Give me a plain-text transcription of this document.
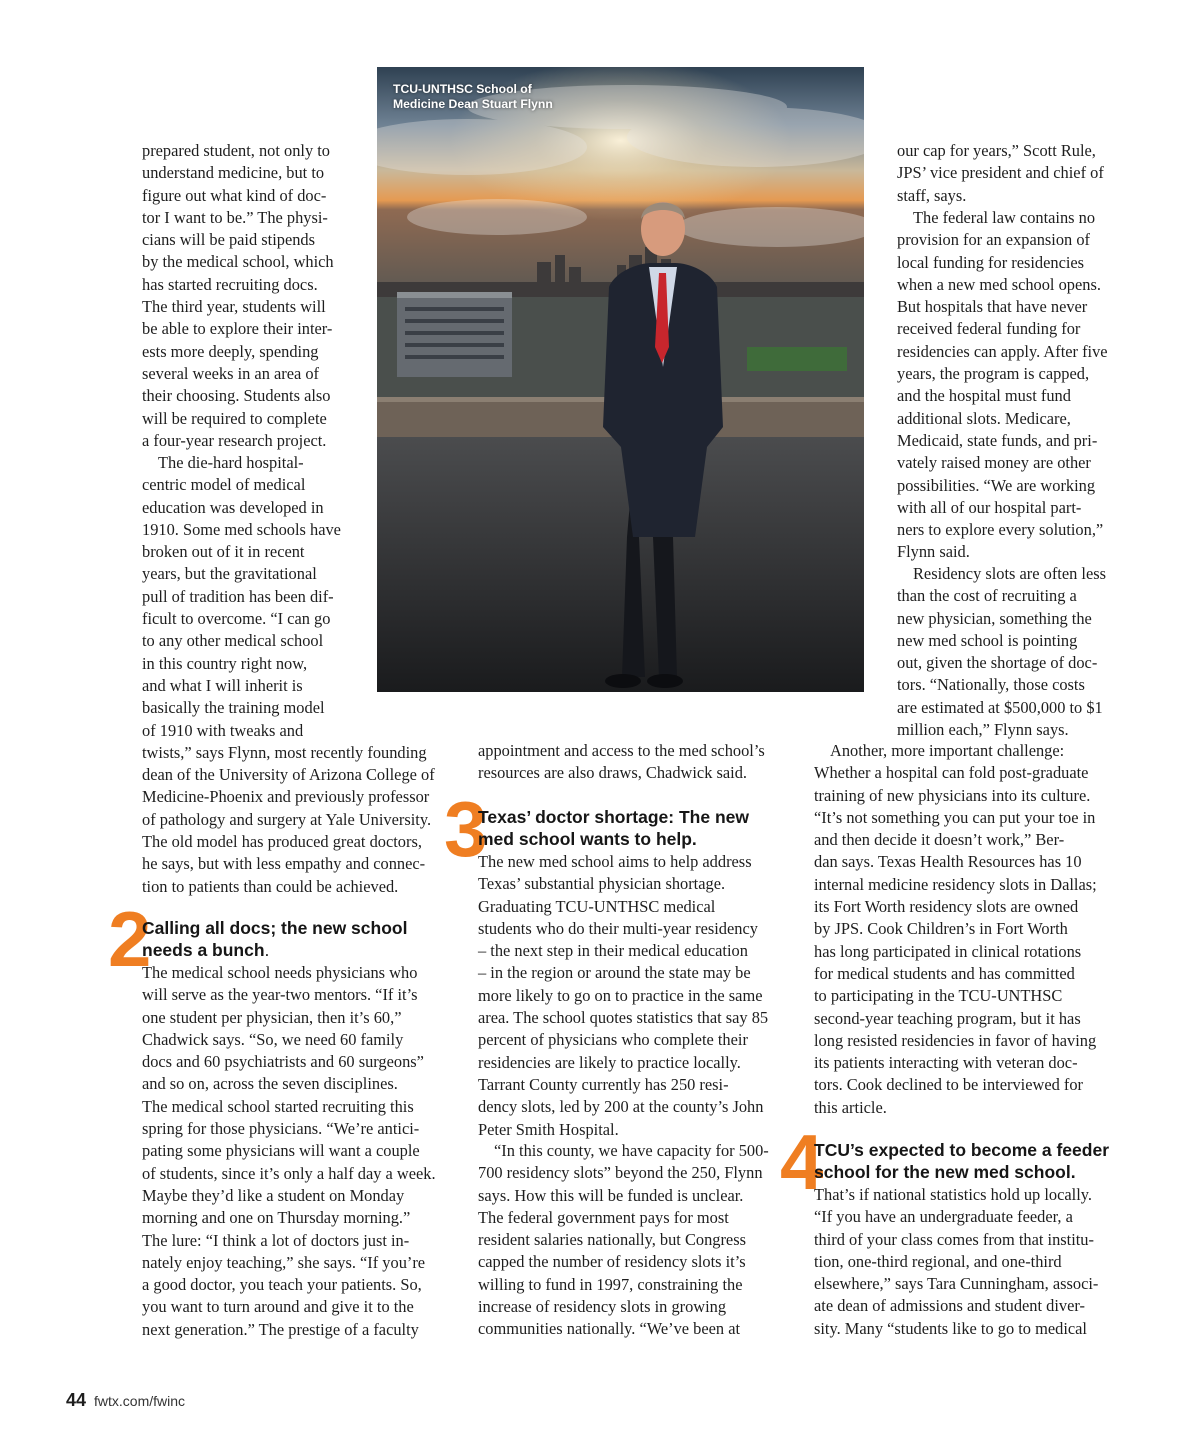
TCU-UNTHSC School of
Medicine Dean Stuart Flynn
prepared student, not only to
understand medicine, but to
figure out what kind of doc-
tor I want to be.” The physi-
cians will be paid stipends
by the medical school, which
has started recruiting docs.
The third year, students will
be able to explore their inter-
ests more deeply, spending
several weeks in an area of
their choosing. Students also
will be required to complete
a four-year research project.
The die-hard hospital-
centric model of medical
education was developed in
1910. Some med schools have
broken out of it in recent
years, but the gravitational
pull of tradition has been dif-
ficult to overcome. “I can go
to any other medical school
in this country right now,
and what I will inherit is
basically the training model
of 1910 with tweaks and
twists,” says Flynn, most recently founding
dean of the University of Arizona College of
Medicine-Phoenix and previously professor
of pathology and surgery at Yale University.
The old model has produced great doctors,
he says, but with less empathy and connec-
tion to patients than could be achieved.
2
Calling all docs; the new school
needs a bunch.
The medical school needs physicians who
will serve as the year-two mentors. “If it’s
one student per physician, then it’s 60,”
Chadwick says. “So, we need 60 family
docs and 60 psychiatrists and 60 surgeons”
and so on, across the seven disciplines.
The medical school started recruiting this
spring for those physicians. “We’re antici-
pating some physicians will want a couple
of students, since it’s only a half day a week.
Maybe they’d like a student on Monday
morning and one on Thursday morning.”
The lure: “I think a lot of doctors just in-
nately enjoy teaching,” she says. “If you’re
a good doctor, you teach your patients. So,
you want to turn around and give it to the
next generation.” The prestige of a faculty
appointment and access to the med school’s
resources are also draws, Chadwick said.
3
Texas’ doctor shortage: The new
med school wants to help.
The new med school aims to help address
Texas’ substantial physician shortage.
Graduating TCU-UNTHSC medical
students who do their multi-year residency
– the next step in their medical education
– in the region or around the state may be
more likely to go on to practice in the same
area. The school quotes statistics that say 85
percent of physicians who complete their
residencies are likely to practice locally.
Tarrant County currently has 250 resi-
dency slots, led by 200 at the county’s John
Peter Smith Hospital.
“In this county, we have capacity for 500-
700 residency slots” beyond the 250, Flynn
says. How this will be funded is unclear.
The federal government pays for most
resident salaries nationally, but Congress
capped the number of residency slots it’s
willing to fund in 1997, constraining the
increase of residency slots in growing
communities nationally. “We’ve been at
our cap for years,” Scott Rule,
JPS’ vice president and chief of
staff, says.
The federal law contains no
provision for an expansion of
local funding for residencies
when a new med school opens.
But hospitals that have never
received federal funding for
residencies can apply. After five
years, the program is capped,
and the hospital must fund
additional slots. Medicare,
Medicaid, state funds, and pri-
vately raised money are other
possibilities. “We are working
with all of our hospital part-
ners to explore every solution,”
Flynn said.
Residency slots are often less
than the cost of recruiting a
new physician, something the
new med school is pointing
out, given the shortage of doc-
tors. “Nationally, those costs
are estimated at $500,000 to $1
million each,” Flynn says.
Another, more important challenge:
Whether a hospital can fold post-graduate
training of new physicians into its culture.
“It’s not something you can put your toe in
and then decide it doesn’t work,” Ber-
dan says. Texas Health Resources has 10
internal medicine residency slots in Dallas;
its Fort Worth residency slots are owned
by JPS. Cook Children’s in Fort Worth
has long participated in clinical rotations
for medical students and has committed
to participating in the TCU-UNTHSC
second-year teaching program, but it has
long resisted residencies in favor of having
its patients interacting with veteran doc-
tors. Cook declined to be interviewed for
this article.
4
TCU’s expected to become a feeder
school for the new med school.
That’s if national statistics hold up locally.
“If you have an undergraduate feeder, a
third of your class comes from that institu-
tion, one-third regional, and one-third
elsewhere,” says Tara Cunningham, associ-
ate dean of admissions and student diver-
sity. Many “students like to go to medical
44 fwtx.com/fwinc
